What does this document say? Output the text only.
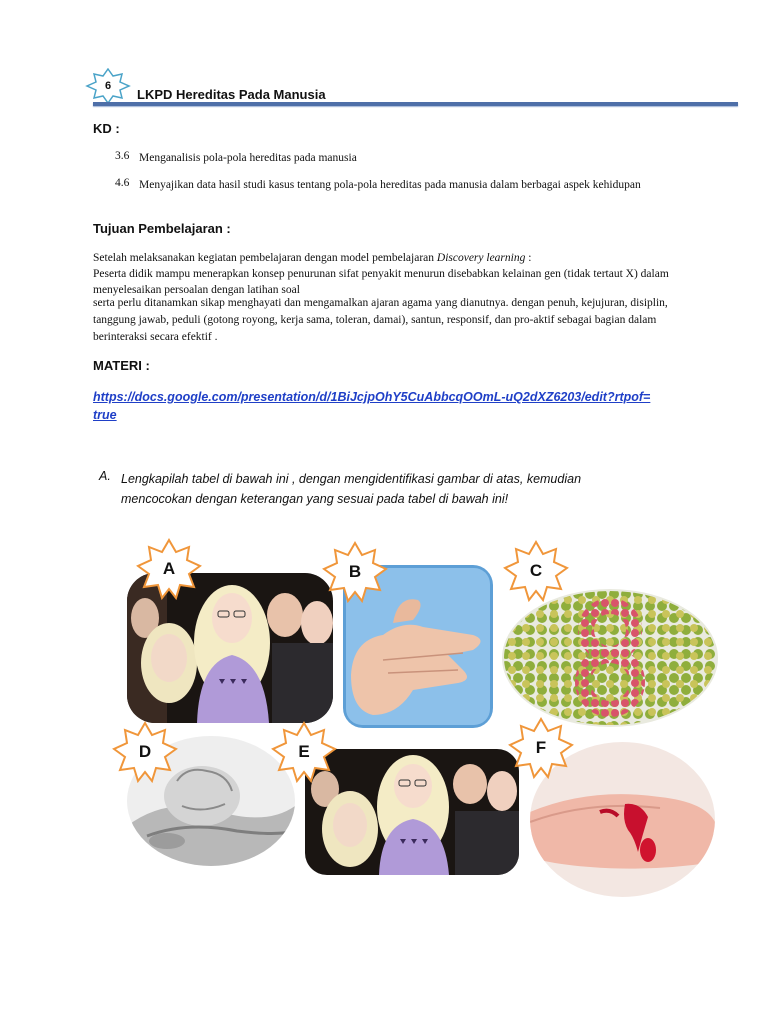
6
LKPD Hereditas Pada Manusia
KD :
3.6 Menganalisis pola-pola hereditas pada manusia
4.6 Menyajikan data hasil studi kasus tentang pola-pola hereditas pada manusia dalam berbagai aspek kehidupan
Tujuan Pembelajaran :
Setelah melaksanakan kegiatan pembelajaran dengan model pembelajaran Discovery learning :
Peserta didik mampu menerapkan konsep penurunan sifat penyakit menurun disebabkan kelainan gen (tidak tertaut X) dalam menyelesaikan persoalan dengan latihan soal
serta perlu ditanamkan sikap menghayati dan mengamalkan ajaran agama yang dianutnya. dengan penuh, kejujuran, disiplin, tanggung jawab, peduli (gotong royong, kerja sama, toleran, damai), santun, responsif, dan pro-aktif sebagai bagian dalam berinteraksi secara efektif .
MATERI :
https://docs.google.com/presentation/d/1BiJcjpOhY5CuAbbcqOOmL-uQ2dXZ6203/edit?rtpof=true
A. Lengkapilah tabel di bawah ini , dengan mengidentifikasi gambar di atas, kemudian mencocokan dengan keterangan yang sesuai pada tabel di bawah ini!
A	B	C
D	E	F
